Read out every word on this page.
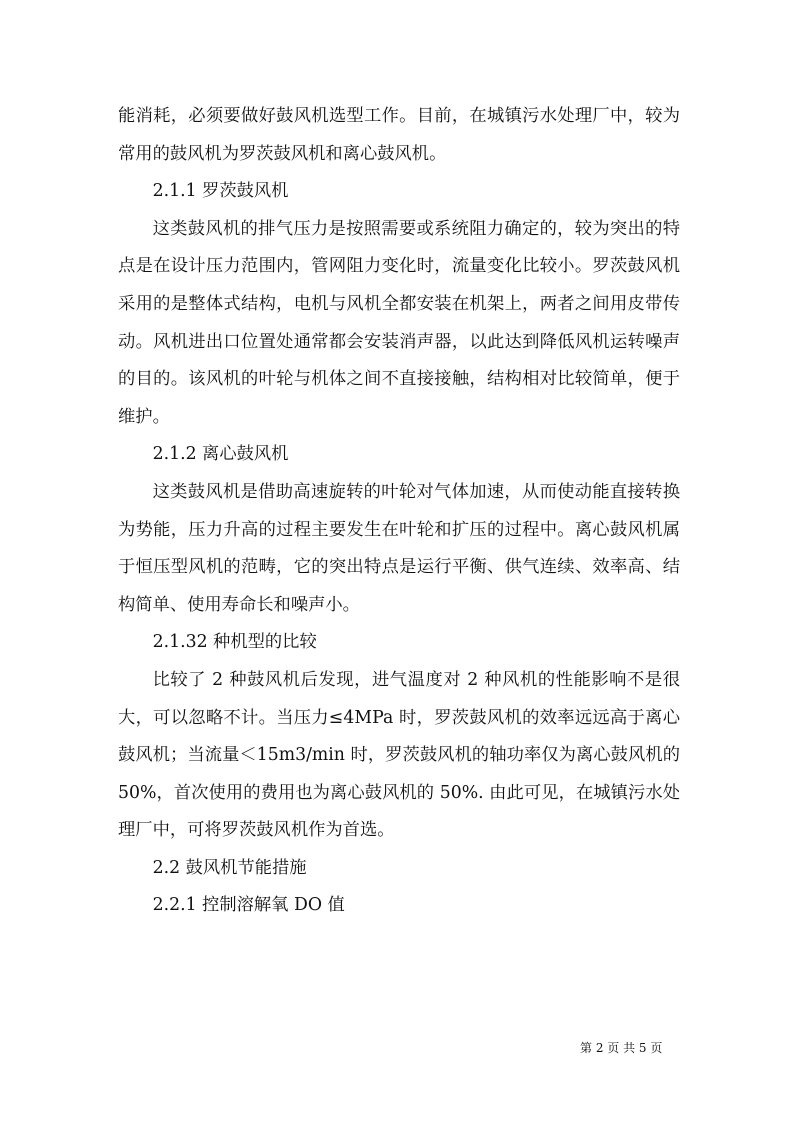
能消耗，必须要做好鼓风机选型工作。目前，在城镇污水处理厂中，较为常用的鼓风机为罗茨鼓风机和离心鼓风机。

2.1.1 罗茨鼓风机

这类鼓风机的排气压力是按照需要或系统阻力确定的，较为突出的特点是在设计压力范围内，管网阻力变化时，流量变化比较小。罗茨鼓风机采用的是整体式结构，电机与风机全都安装在机架上，两者之间用皮带传动。风机进出口位置处通常都会安装消声器，以此达到降低风机运转噪声的目的。该风机的叶轮与机体之间不直接接触，结构相对比较简单，便于维护。

2.1.2 离心鼓风机

这类鼓风机是借助高速旋转的叶轮对气体加速，从而使动能直接转换为势能，压力升高的过程主要发生在叶轮和扩压的过程中。离心鼓风机属于恒压型风机的范畴，它的突出特点是运行平衡、供气连续、效率高、结构简单、使用寿命长和噪声小。

2.1.32 种机型的比较

比较了 2 种鼓风机后发现，进气温度对 2 种风机的性能影响不是很大，可以忽略不计。当压力≤4MPa 时，罗茨鼓风机的效率远远高于离心鼓风机；当流量＜15m3/min 时，罗茨鼓风机的轴功率仅为离心鼓风机的 50%，首次使用的费用也为离心鼓风机的 50%. 由此可见，在城镇污水处理厂中，可将罗茨鼓风机作为首选。

2.2 鼓风机节能措施

2.2.1 控制溶解氧 DO 值

第 2 页 共 5 页
